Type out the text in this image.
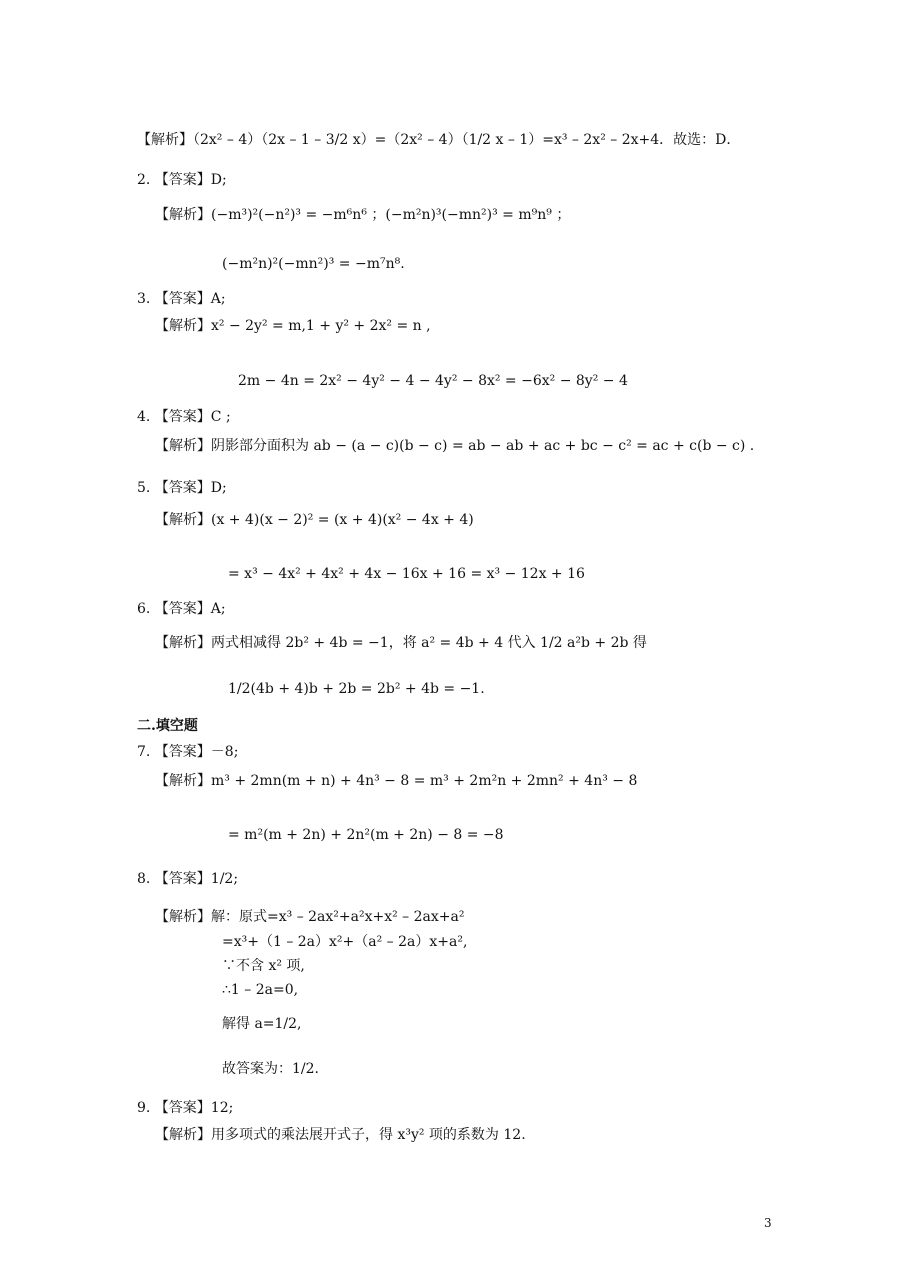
【解析】（2x² – 4）（2x – 1 – 3/2 x）=（2x² – 4）（1/2 x – 1）=x³ – 2x² – 2x+4．故选：D．
2. 【答案】D;
【解析】(−m³)²(−n²)³ = −m⁶n⁶ ；(−m²n)³(−mn²)³ = m⁹n⁹ ；
(−m²n)²(−mn²)³ = −m⁷n⁸.
3. 【答案】A;
【解析】x² − 2y² = m,1 + y² + 2x² = n ,
2m − 4n = 2x² − 4y² − 4 − 4y² − 8x² = −6x² − 8y² − 4
4. 【答案】C ;
【解析】阴影部分面积为 ab − (a − c)(b − c) = ab − ab + ac + bc − c² = ac + c(b − c) .
5. 【答案】D;
【解析】(x + 4)(x − 2)² = (x + 4)(x² − 4x + 4)
= x³ − 4x² + 4x² + 4x − 16x + 16 = x³ − 12x + 16
6. 【答案】A;
【解析】两式相减得 2b² + 4b = −1，将 a² = 4b + 4 代入 1/2 a²b + 2b 得
1/2(4b + 4)b + 2b = 2b² + 4b = −1.
二.填空题
7. 【答案】－8;
【解析】m³ + 2mn(m + n) + 4n³ − 8 = m³ + 2m²n + 2mn² + 4n³ − 8
= m²(m + 2n) + 2n²(m + 2n) − 8 = −8
8. 【答案】1/2;
【解析】解：原式=x³ – 2ax²+a²x+x² – 2ax+a²
=x³+（1 – 2a）x²+（a² – 2a）x+a²,
∵不含 x² 项,
∴1 – 2a=0,
解得 a=1/2,
故答案为：1/2.
9. 【答案】12;
【解析】用多项式的乘法展开式子，得 x³y² 项的系数为 12.
3
